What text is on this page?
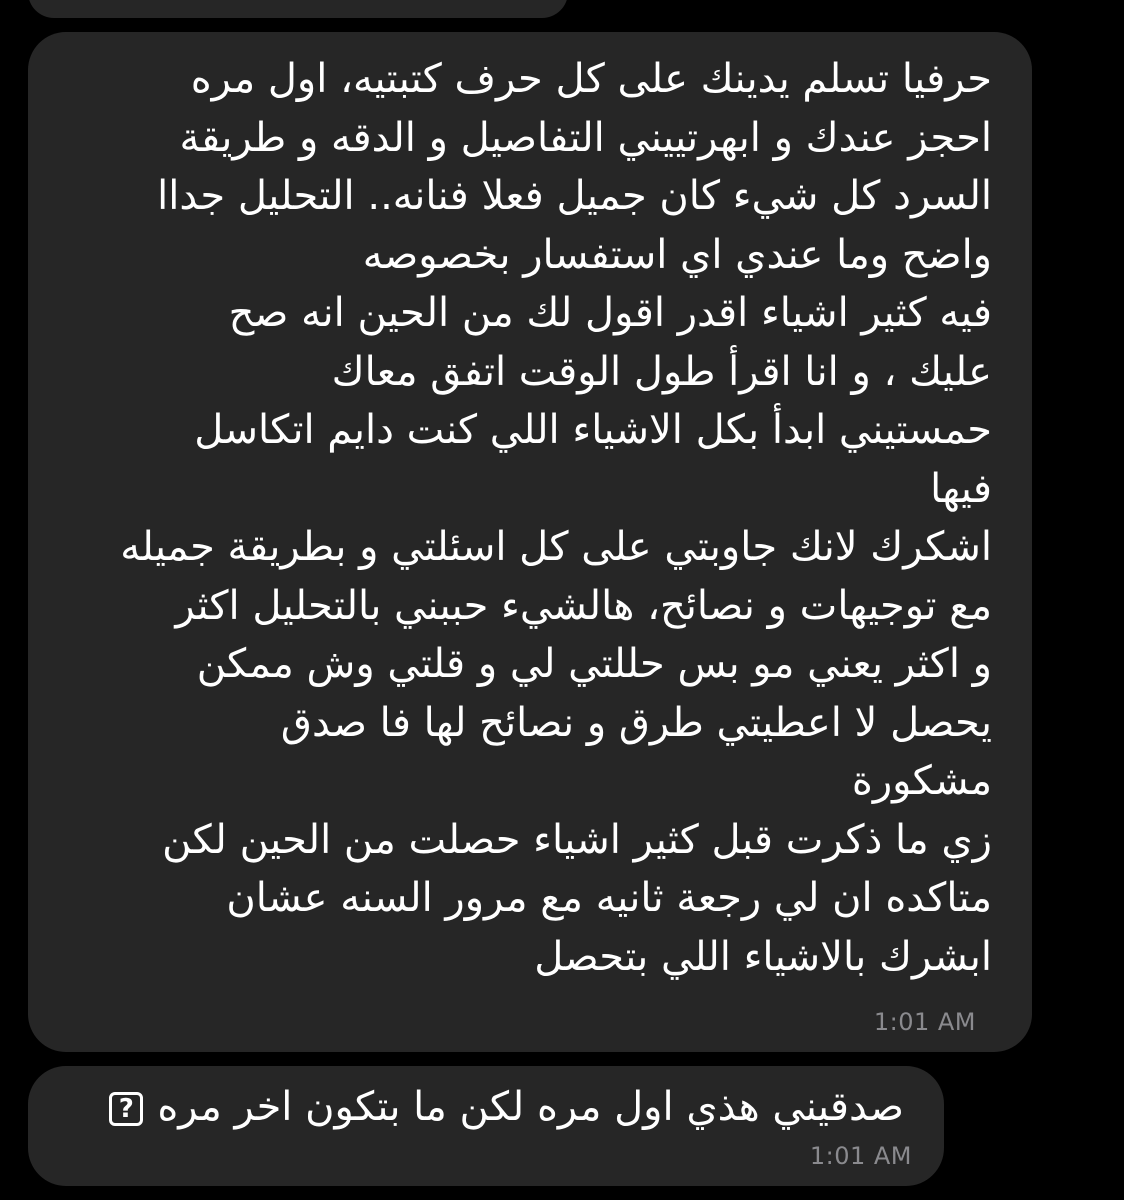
حرفيا تسلم يدينك على كل حرف كتبتيه، اول مره
احجز عندك و ابهرتييني التفاصيل و الدقه و طريقة
السرد كل شيء كان جميل فعلا فنانه.. التحليل جداا
واضح وما عندي اي استفسار بخصوصه
فيه كثير اشياء اقدر اقول لك من الحين انه صح
عليك ، و انا اقرأ طول الوقت اتفق معاك
حمستيني ابدأ بكل الاشياء اللي كنت دايم اتكاسل
فيها
اشكرك لانك جاوبتي على كل اسئلتي و بطريقة جميله
مع توجيهات و نصائح، هالشيء حببني بالتحليل اكثر
و اكثر يعني مو بس حللتي لي و قلتي وش ممكن
يحصل لا اعطيتي طرق و نصائح لها فا صدق
مشكورة
زي ما ذكرت قبل كثير اشياء حصلت من الحين لكن
متاكده ان لي رجعة ثانيه مع مرور السنه عشان
ابشرك بالاشياء اللي بتحصل
1:01 AM
صدقيني هذي اول مره لكن ما بتكون اخر مره?
1:01 AM
